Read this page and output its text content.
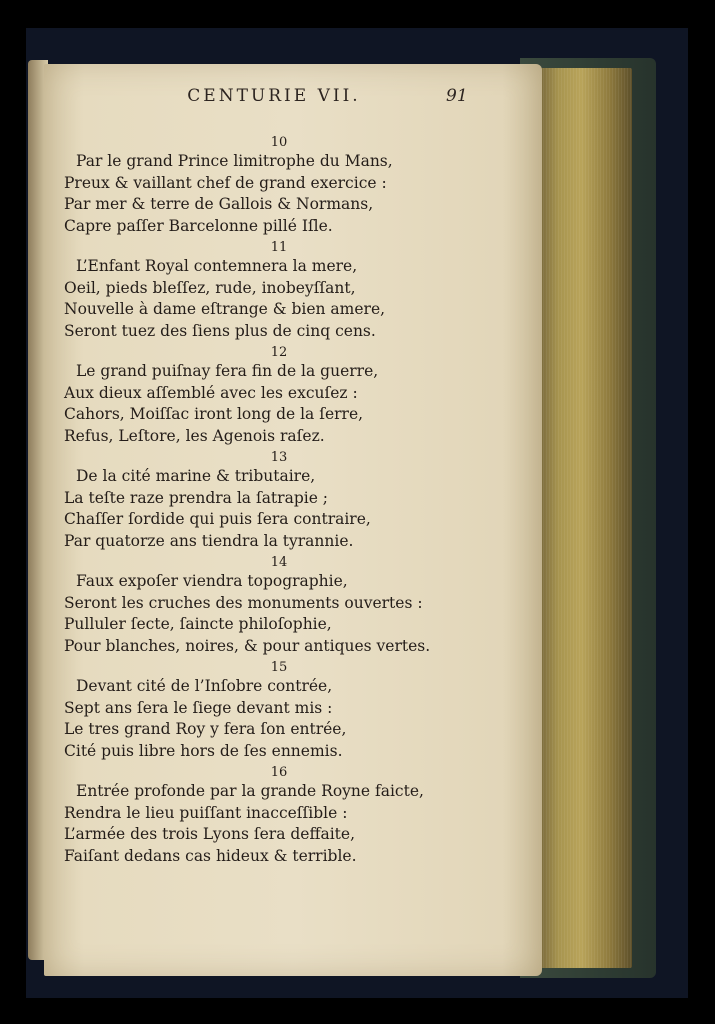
CENTURIE VII.	91
10
Par le grand Prince limitrophe du Mans,
Preux & vaillant chef de grand exercice :
Par mer & terre de Gallois & Normans,
Capre paſſer Barcelonne pillé Iſle.
11
L’Enfant Royal contemnera la mere,
Oeil, pieds bleſſez, rude, inobeyſſant,
Nouvelle à dame eſtrange & bien amere,
Seront tuez des ſiens plus de cinq cens.
12
Le grand puiſnay fera fin de la guerre,
Aux dieux aſſemblé avec les excuſez :
Cahors, Moiſſac iront long de la ſerre,
Refus, Leſtore, les Agenois raſez.
13
De la cité marine & tributaire,
La teſte raze prendra la ſatrapie ;
Chaſſer ſordide qui puis ſera contraire,
Par quatorze ans tiendra la tyrannie.
14
Faux expoſer viendra topographie,
Seront les cruches des monuments ouvertes :
Pulluler ſecte, ſaincte philoſophie,
Pour blanches, noires, & pour antiques vertes.
15
Devant cité de l’Inſobre contrée,
Sept ans ſera le ſiege devant mis :
Le tres grand Roy y fera ſon entrée,
Cité puis libre hors de ſes ennemis.
16
Entrée profonde par la grande Royne faicte,
Rendra le lieu puiſſant inacceſſible :
L’armée des trois Lyons ſera deffaite,
Faiſant dedans cas hideux & terrible.
